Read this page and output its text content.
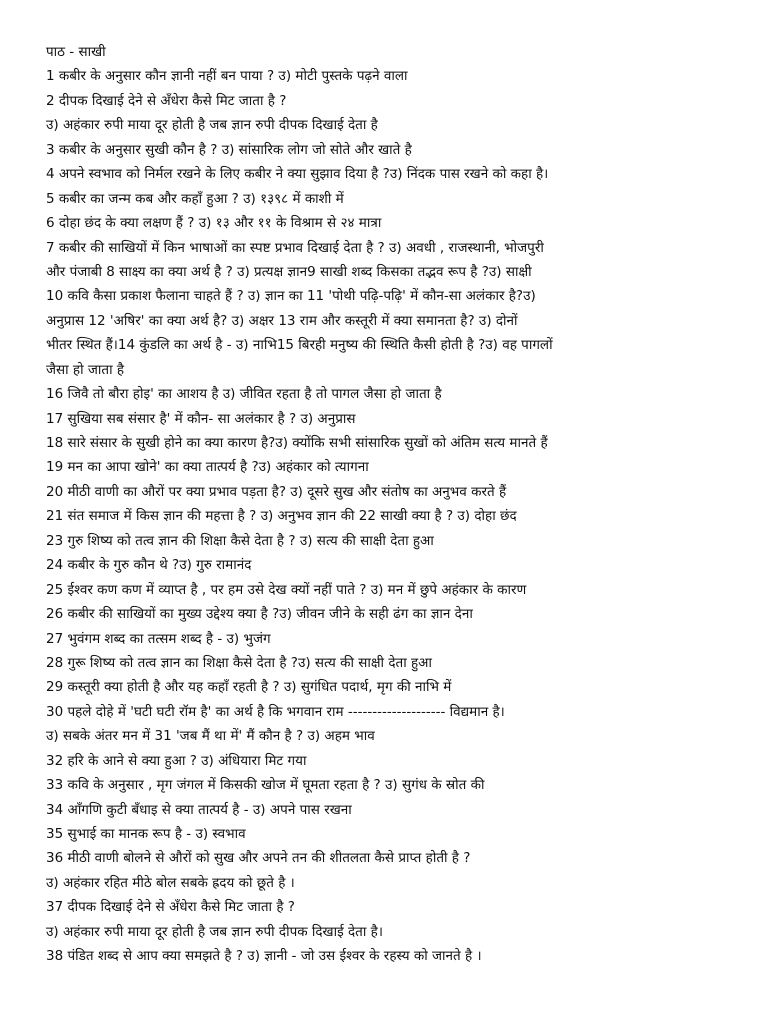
पाठ - साखी
1 कबीर के अनुसार कौन ज्ञानी नहीं बन पाया ? उ) मोटी पुस्तके पढ़ने वाला
2 दीपक दिखाई देने से अँधेरा कैसे मिट जाता है ?
उ) अहंकार रुपी माया दूर होती है जब ज्ञान रुपी दीपक दिखाई देता है
3 कबीर के अनुसार सुखी कौन है ? उ) सांसारिक लोग जो सोते और खाते है
4 अपने स्वभाव को निर्मल रखने के लिए कबीर ने क्या सुझाव दिया है ?उ) निंदक पास रखने को कहा है।
5 कबीर का जन्म कब और कहाँ हुआ ? उ) १३९८ में काशी में
6 दोहा छंद के क्या लक्षण हैं ? उ) १३ और ११ के विश्राम से २४ मात्रा
7 कबीर की साखियों में किन भाषाओं का स्पष्ट प्रभाव दिखाई देता है ? उ) अवधी , राजस्थानी, भोजपुरी
और पंजाबी 8 साक्ष्य का क्या अर्थ है ? उ) प्रत्यक्ष ज्ञान9 साखी शब्द किसका तद्भव रूप है ?उ) साक्षी
10 कवि कैसा प्रकाश फैलाना चाहते हैं ? उ) ज्ञान का 11 'पोथी पढ़ि-पढ़ि' में कौन-सा अलंकार है?उ)
अनुप्रास 12 'अषिर' का क्या अर्थ है? उ) अक्षर 13 राम और कस्तूरी में क्या समानता है? उ) दोनों
भीतर स्थित हैं।14 कुंडलि का अर्थ है - उ) नाभि15 बिरही मनुष्य की स्थिति कैसी होती है ?उ) वह पागलों
जैसा हो जाता है
16 जिवै तो बौरा होइ' का आशय है उ) जीवित रहता है तो पागल जैसा हो जाता है
17 सुखिया सब संसार है' में कौन- सा अलंकार है ? उ) अनुप्रास
18 सारे संसार के सुखी होने का क्या कारण है?उ) क्योंकि सभी सांसारिक सुखों को अंतिम सत्य मानते हैं
19 मन का आपा खोने' का क्या तात्पर्य है ?उ) अहंकार को त्यागना
20 मीठी वाणी का औरों पर क्या प्रभाव पड़ता है? उ) दूसरे सुख और संतोष का अनुभव करते हैं
21 संत समाज में किस ज्ञान की महत्ता है ? उ) अनुभव ज्ञान की 22 साखी क्या है ? उ) दोहा छंद
23 गुरु शिष्य को तत्व ज्ञान की शिक्षा कैसे देता है ? उ) सत्य की साक्षी देता हुआ
24 कबीर के गुरु कौन थे ?उ) गुरु रामानंद
25 ईश्वर कण कण में व्याप्त है , पर हम उसे देख क्यों नहीं पाते ? उ) मन में छुपे अहंकार के कारण
26 कबीर की साखियों का मुख्य उद्देश्य क्या है ?उ) जीवन जीने के सही ढंग का ज्ञान देना
27 भुवंगम शब्द का तत्सम शब्द है - उ) भुजंग
28 गुरू शिष्य को तत्व ज्ञान का शिक्षा कैसे देता है ?उ) सत्य की साक्षी देता हुआ
29 कस्तूरी क्या होती है और यह कहाँ रहती है ? उ) सुगंधित पदार्थ, मृग की नाभि में
30 पहले दोहे में 'घटी घटी रॉम है' का अर्थ है कि भगवान राम -------------------- विद्यमान है।
उ) सबके अंतर मन में 31 'जब मैं था में' मैं कौन है ? उ) अहम भाव
32 हरि के आने से क्या हुआ ? उ) अंधियारा मिट गया
33 कवि के अनुसार , मृग जंगल में किसकी खोज में घूमता रहता है ? उ) सुगंध के स्रोत की
34 आँगणि कुटी बँधाइ से क्या तात्पर्य है - उ) अपने पास रखना
35 सुभाई का मानक रूप है - उ) स्वभाव
36 मीठी वाणी बोलने से औरों को सुख और अपने तन की शीतलता कैसे प्राप्त होती है ?
उ) अहंकार रहित मीठे बोल सबके ह्रदय को छूते है ।
37 दीपक दिखाई देने से अँधेरा कैसे मिट जाता है ?
उ) अहंकार रुपी माया दूर होती है जब ज्ञान रुपी दीपक दिखाई देता है।
38 पंडित शब्द से आप क्या समझते है ? उ) ज्ञानी - जो उस ईश्वर के रहस्य को जानते है ।
